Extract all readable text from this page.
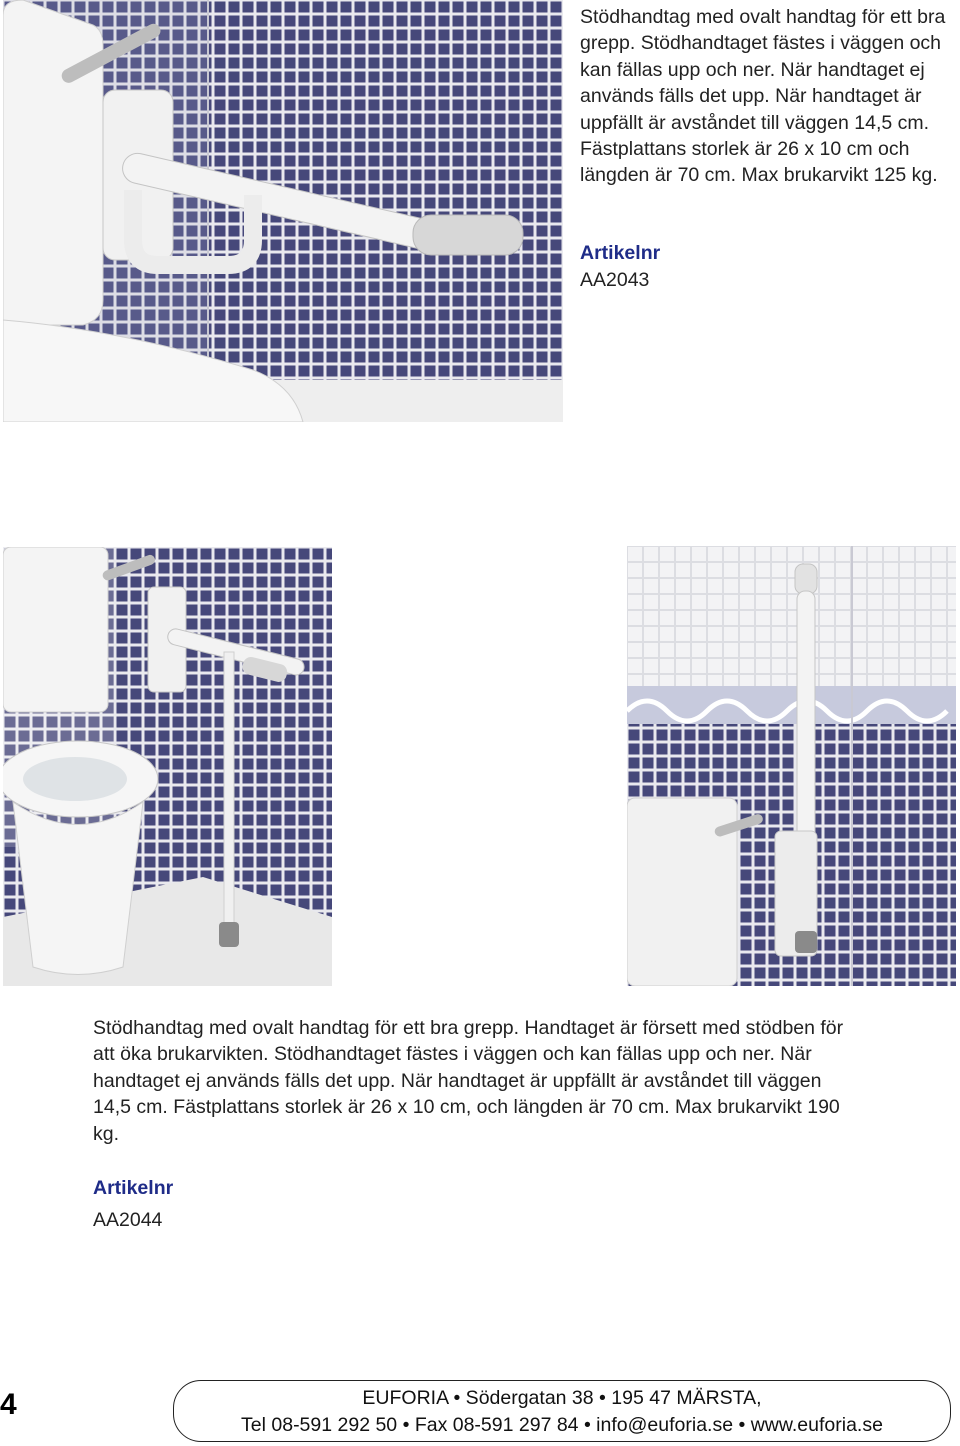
Stödhandtag med ovalt handtag för ett bra grepp. Stödhandtaget fästes i väggen och kan fällas upp och ner. När handtaget ej används fälls det upp. När handtaget är uppfällt är avståndet till väggen 14,5 cm. Fästplattans storlek är 26 x 10 cm och längden är 70 cm. Max brukarvikt 125 kg.
Artikelnr
AA2043
Stödhandtag med ovalt handtag för ett bra grepp. Handtaget är försett med stödben för att öka brukarvikten. Stödhandtaget fästes i väggen och kan fällas upp och ner. När handtaget ej används fälls det upp. När handtaget är uppfällt är avståndet till väggen 14,5 cm. Fästplattans storlek är 26 x 10 cm, och längden är 70 cm. Max brukarvikt 190 kg.
Artikelnr
AA2044
4	EUFORIA • Södergatan 38 • 195 47 MÄRSTA,
Tel 08-591 292 50 • Fax 08-591 297 84 • info@euforia.se • www.euforia.se
